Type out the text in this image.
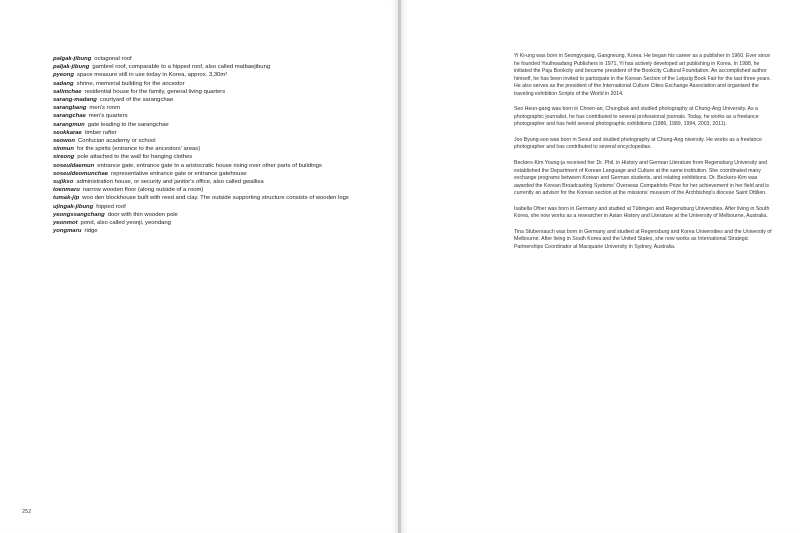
palgak-jibung octagonal roof

paljak-jibung gambrel roof, comparable to a hipped roof, also called matbaejibung

pyeong space measure still in use today in Korea, approx. 3,30m²

sadang shrine, memorial building for the ancestor

salimchae residential house for the family, general living quarters

sarang-madang courtyard of the sarangchae

sarangbang men's room

sarangchae men's quarters

sarangmun gate leading to the sarangchae

seokkarae timber rafter

seowon Confucian academy or school

sinmun for the spirits (entrance to the ancestors' areas)

sireong pole attached to the wall for hanging clothes

soseuldaemun entrance gate, entrance gate to a aristocratic house rising over other parts of buildings

soseuldeomunchae representative entrance gate or entrance gatehouse

sujikso administration house, or security and janitor's office, also called gwallisa

toenmaru narrow wooden floor (along outside of a room)

tumak-jip woo den blockhouse built with reed and clay. The outside supporting structure consists of wooden logs

ujingak-jibung hipped roof

yeongssangchang door with thin wooden pole

yeonmot pond, also called yeonji, yeondang

yongmaru ridge

252

Yi Ki-ung was born in Seongyojang, Gangneung, Korea. He began his career as a publisher in 1960. Ever since he founded Youlhwadang Publishers in 1971, Yi has actively developed art publishing in Korea. In 1988, he initiated the Paju Bookcity and became president of the Bookcity Cultural Foundation. An accomplished author himself, he has been invited to participate in the Korean Section of the Leipzig Book Fair for the last three years. He also serves as the president of the International Culture Cities Exchange Association and organised the traveling exhibition Scripts of the World in 2014.

Seo Heun-gang was born in Choen-an, Chungbuk and studied photography at Chung-Ang University. As a photographic journalist, he has contributed to several professional journals. Today, he works as a freelance photographer and has held several photographic exhibitions (1986, 1989, 1994, 2003, 2011).

Joo Byung-soo was born in Seoul and studied photography at Chung-Ang niversity. He works as a freelance photographer and has contributed to several encyclopedias.

Beckers-Kim Young-ja received her Dr. Phil. in History and German Literature from Regensburg University and established the Department of Korean Language and Culture at the same institution. She coordinated many exchange programs between Korean and German students, and relating exhibitions. Dr. Beckers-Kim was awarded the Korean Broadcasting Systems' Overseas Compatriots Prize for her achievement in her field and is currently an advisor for the Korean section at the missions' museum of the Archbishop's diocese Saint Ottilien.

Isabella Ofner was born in Germany and studied at Tübingen and Regensburg Universities. After living in South Korea, she now works as a researcher in Asian History and Literature at the University of Melbourne, Australia.

Tina Stubenrauch was born in Germany and studied at Regensburg and Korea Universities and the University of Melbourne. After living in South Korea and the United States, she now works as International Strategic Partnerships Coordinator at Macquarie University in Sydney, Australia.
